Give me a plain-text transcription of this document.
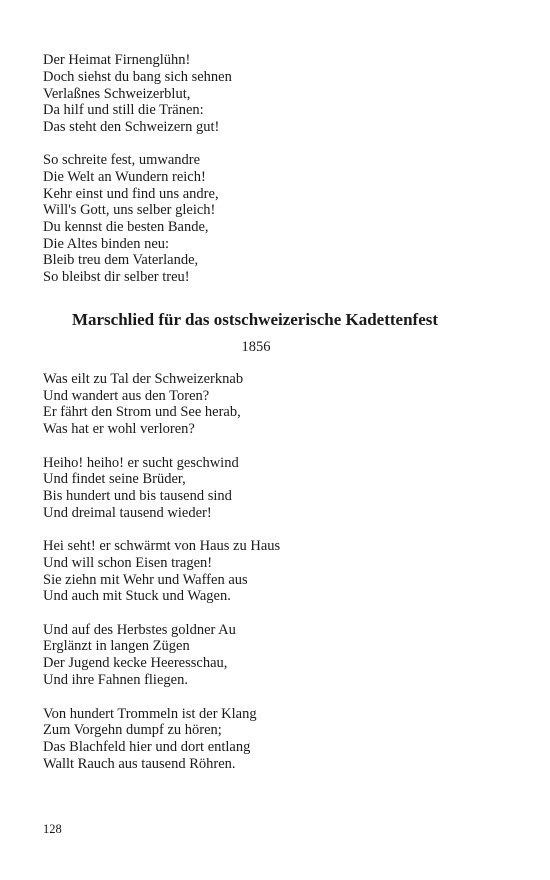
Der Heimat Firnenglühn!
Doch siehst du bang sich sehnen
Verlaßnes Schweizerblut,
Da hilf und still die Tränen:
Das steht den Schweizern gut!
So schreite fest, umwandre
Die Welt an Wundern reich!
Kehr einst und find uns andre,
Will's Gott, uns selber gleich!
Du kennst die besten Bande,
Die Altes binden neu:
Bleib treu dem Vaterlande,
So bleibst dir selber treu!
Marschlied für das ostschweizerische Kadettenfest
1856
Was eilt zu Tal der Schweizerknab
Und wandert aus den Toren?
Er fährt den Strom und See herab,
Was hat er wohl verloren?
Heiho! heiho! er sucht geschwind
Und findet seine Brüder,
Bis hundert und bis tausend sind
Und dreimal tausend wieder!
Hei seht! er schwärmt von Haus zu Haus
Und will schon Eisen tragen!
Sie ziehn mit Wehr und Waffen aus
Und auch mit Stuck und Wagen.
Und auf des Herbstes goldner Au
Erglänzt in langen Zügen
Der Jugend kecke Heeresschau,
Und ihre Fahnen fliegen.
Von hundert Trommeln ist der Klang
Zum Vorgehn dumpf zu hören;
Das Blachfeld hier und dort entlang
Wallt Rauch aus tausend Röhren.
128
